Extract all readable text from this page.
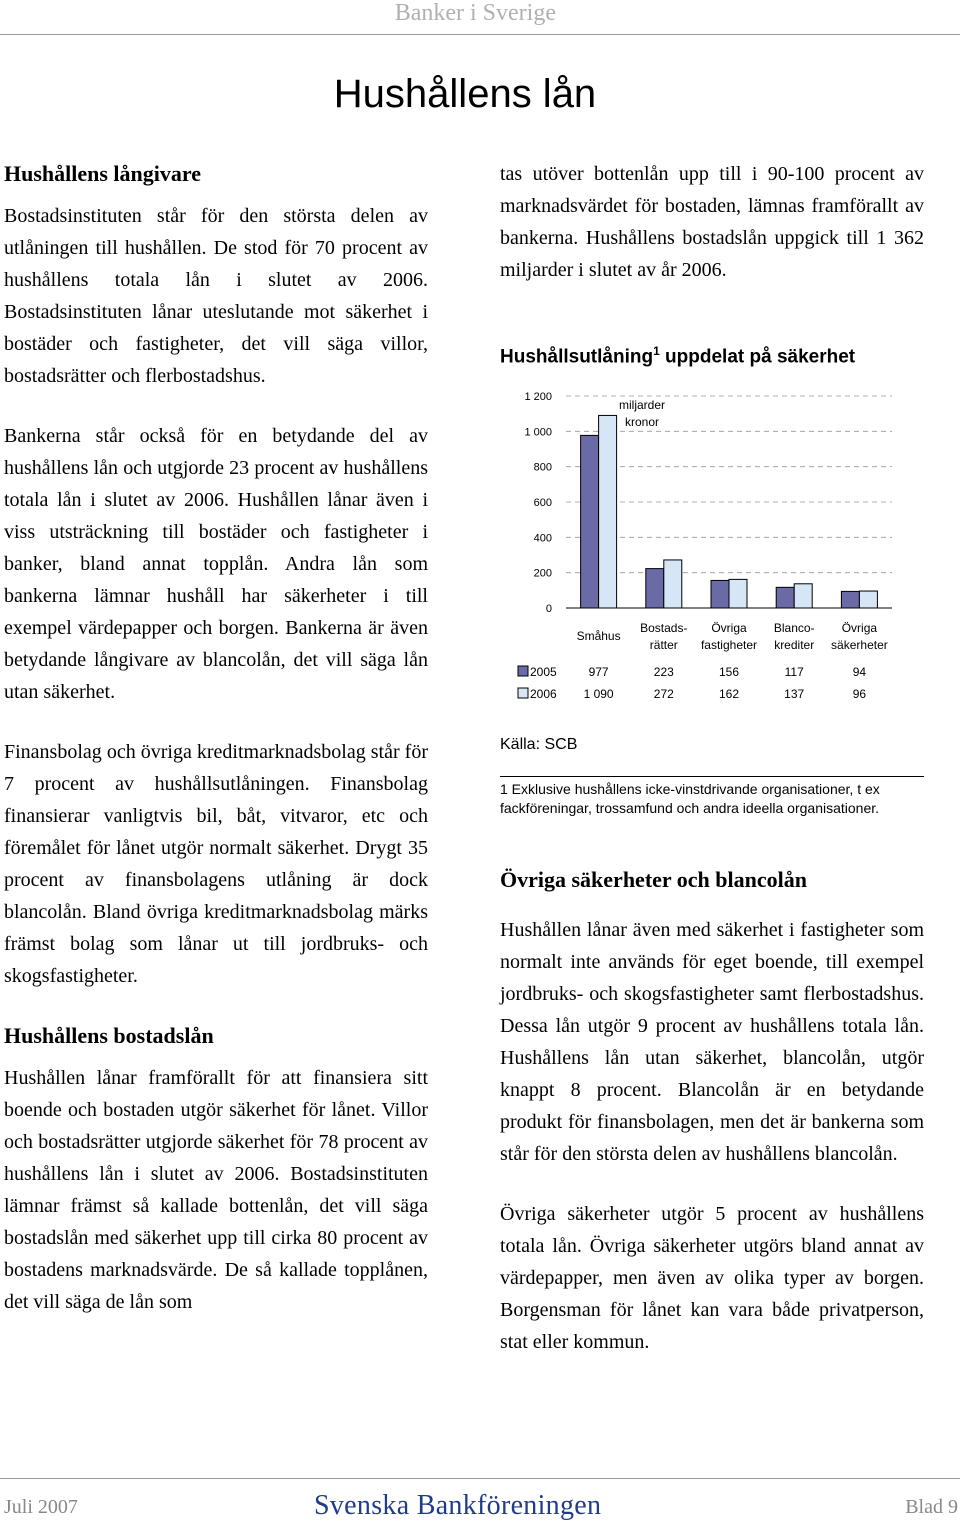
Banker i Sverige
Hushållens lån
Hushållens långivare

Bostadsinstituten står för den största delen av utlåningen till hushållen. De stod för 70 procent av hushållens totala lån i slutet av 2006. Bostadsinstituten lånar uteslutande mot säkerhet i bostäder och fastigheter, det vill säga villor, bostadsrätter och flerbostadshus.

Bankerna står också för en betydande del av hushållens lån och utgjorde 23 procent av hushållens totala lån i slutet av 2006. Hushållen lånar även i viss utsträckning till bostäder och fastigheter i banker, bland annat topplån. Andra lån som bankerna lämnar hushåll har säkerheter i till exempel värdepapper och borgen. Bankerna är även betydande långivare av blancolån, det vill säga lån utan säkerhet.

Finansbolag och övriga kreditmarknadsbolag står för 7 procent av hushållsutlåningen. Finansbolag finansierar vanligtvis bil, båt, vitvaror, etc och föremålet för lånet utgör normalt säkerhet. Drygt 35 procent av finansbolagens utlåning är dock blancolån. Bland övriga kreditmarknadsbolag märks främst bolag som lånar ut till jordbruks- och skogsfastigheter.

Hushållens bostadslån

Hushållen lånar framförallt för att finansiera sitt boende och bostaden utgör säkerhet för lånet. Villor och bostadsrätter utgjorde säkerhet för 78 procent av hushållens lån i slutet av 2006. Bostadsinstituten lämnar främst så kallade bottenlån, det vill säga bostadslån med säkerhet upp till cirka 80 procent av bostadens marknadsvärde. De så kallade topplånen, det vill säga de lån som

tas utöver bottenlån upp till i 90-100 procent av marknadsvärdet för bostaden, lämnas framförallt av bankerna. Hushållens bostadslån uppgick till 1 362 miljarder i slutet av år 2006.

Hushållsutlåning$^1$ uppdelat på säkerhet
0
200
400
600
800
1 000
1 200
miljarder
kronor
Småhus
Bostads-
rätter
Övriga
fastigheter
Blanco-
krediter
Övriga
säkerheter
2005	977	223	156	117	94
2006 1 090	272	162	137	96
Källa: SCB
1 Exklusive hushållens icke-vinstdrivande organisationer, t ex fackföreningar, trossamfund och andra ideella organisationer.
Övriga säkerheter och blancolån

Hushållen lånar även med säkerhet i fastigheter som normalt inte används för eget boende, till exempel jordbruks- och skogsfastigheter samt flerbostadshus. Dessa lån utgör 9 procent av hushållens totala lån. Hushållens lån utan säkerhet, blancolån, utgör knappt 8 procent. Blancolån är en betydande produkt för finansbolagen, men det är bankerna som står för den största delen av hushållens blancolån.

Övriga säkerheter utgör 5 procent av hushållens totala lån. Övriga säkerheter utgörs bland annat av värdepapper, men även av olika typer av borgen. Borgensman för lånet kan vara både privatperson, stat eller kommun.

Juli 2007	Svenska Bankföreningen	Blad 9
